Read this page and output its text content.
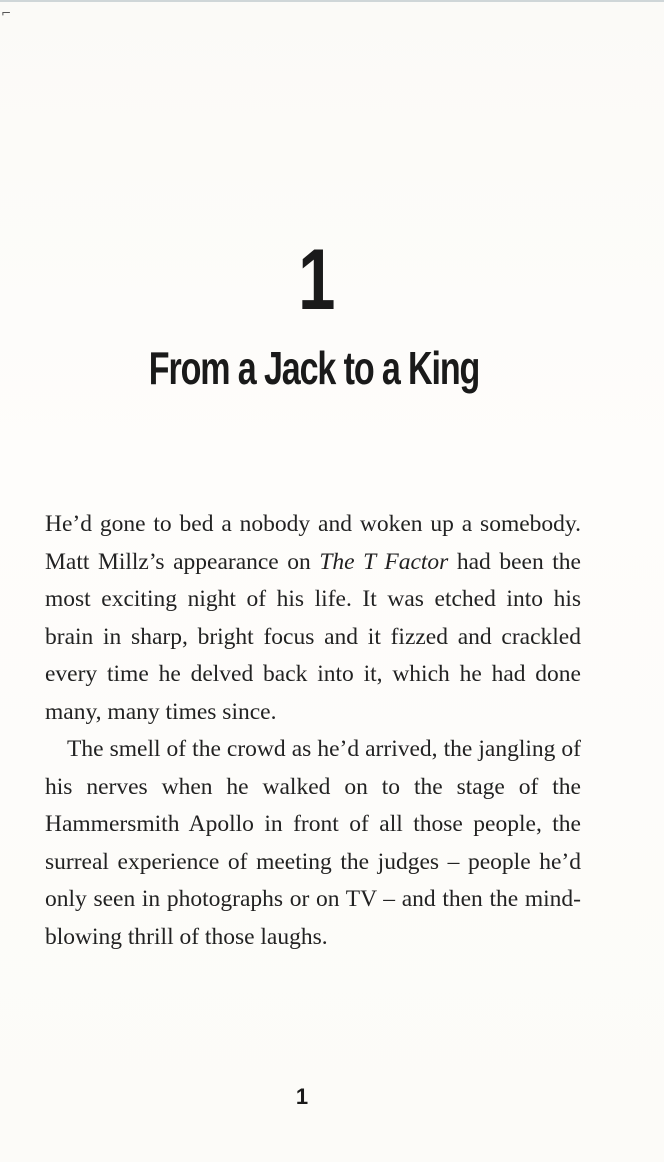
⌐
1
From a Jack to a King

He’d gone to bed a nobody and woken up a somebody. Matt Millz’s appearance on The T Factor had been the most exciting night of his life. It was etched into his brain in sharp, bright focus and it fizzed and crackled every time he delved back into it, which he had done many, many times since.

The smell of the crowd as he’d arrived, the jangling of his nerves when he walked on to the stage of the Hammersmith Apollo in front of all those people, the surreal experience of meeting the judges – people he’d only seen in photographs or on TV – and then the mind-blowing thrill of those laughs.

1
